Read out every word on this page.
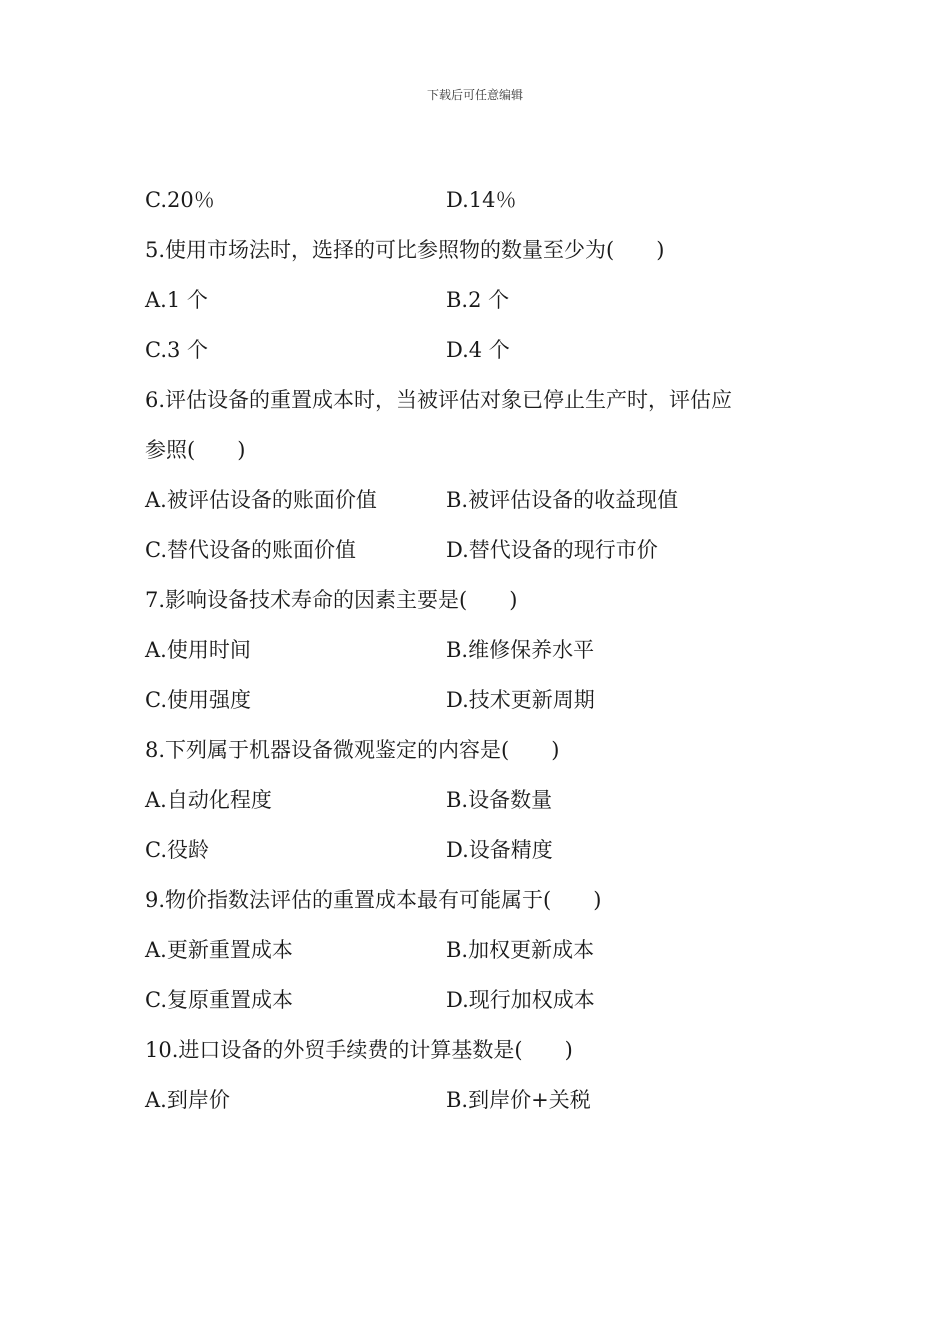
下载后可任意编辑
C.20％	D.14％
5.使用市场法时，选择的可比参照物的数量至少为(　　)
A.1 个	B.2 个
C.3 个	D.4 个
6.评估设备的重置成本时，当被评估对象已停止生产时，评估应
参照(　　)
A.被评估设备的账面价值	B.被评估设备的收益现值
C.替代设备的账面价值	D.替代设备的现行市价
7.影响设备技术寿命的因素主要是(　　)
A.使用时间	B.维修保养水平
C.使用强度	D.技术更新周期
8.下列属于机器设备微观鉴定的内容是(　　)
A.自动化程度	B.设备数量
C.役龄	D.设备精度
9.物价指数法评估的重置成本最有可能属于(　　)
A.更新重置成本	B.加权更新成本
C.复原重置成本	D.现行加权成本
10.进口设备的外贸手续费的计算基数是(　　)
A.到岸价	B.到岸价+关税
